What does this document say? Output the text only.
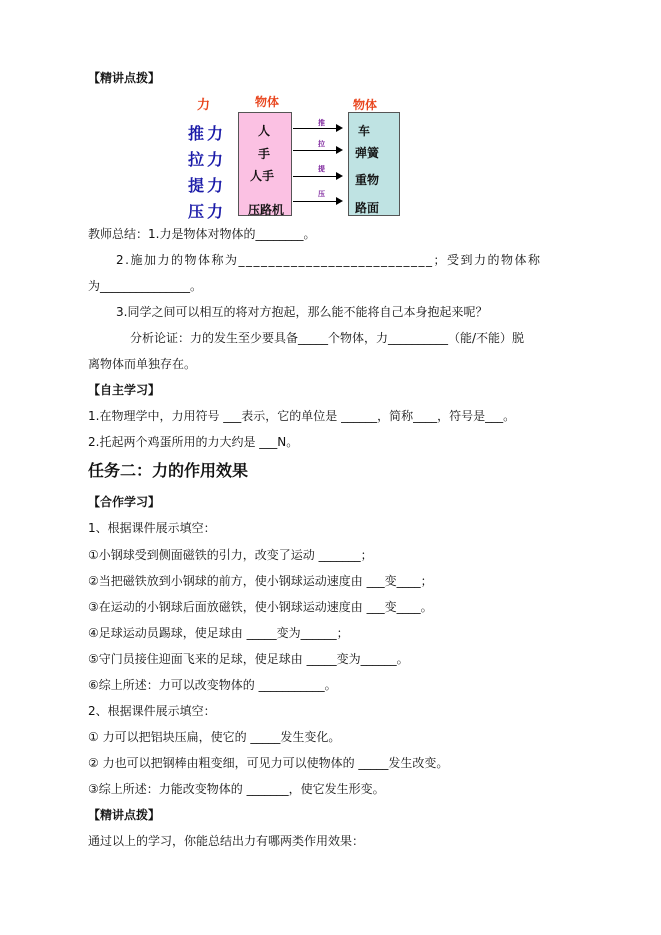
【精讲点拨】
力	物体	物体
推力
拉力
提力
压力
人
手
人手
压路机
推
拉
提
压
车
弹簧
重物
路面
教师总结：1.力是物体对物体的________。
2.施加力的物体称为__________________________；受到力的物体称
为_______________。
3.同学之间可以相互的将对方抱起，那么能不能将自己本身抱起来呢？
分析论证：力的发生至少要具备_____个物体，力__________（能/不能）脱
离物体而单独存在。
【自主学习】
1.在物理学中，力用符号 ___表示，它的单位是 ______，简称____，符号是___。
2.托起两个鸡蛋所用的力大约是 ___N。
任务二：力的作用效果
【合作学习】
1、根据课件展示填空：
①小钢球受到侧面磁铁的引力，改变了运动 _______；
②当把磁铁放到小钢球的前方，使小钢球运动速度由 ___变____；
③在运动的小钢球后面放磁铁，使小钢球运动速度由 ___变____。
④足球运动员踢球，使足球由 _____变为______；
⑤守门员接住迎面飞来的足球，使足球由 _____变为______。
⑥综上所述：力可以改变物体的 ___________。
2、根据课件展示填空：
① 力可以把铝块压扁，使它的 _____发生变化。
② 力也可以把钢棒由粗变细，可见力可以使物体的 _____发生改变。
③综上所述：力能改变物体的 _______，使它发生形变。
【精讲点拨】
通过以上的学习，你能总结出力有哪两类作用效果：
